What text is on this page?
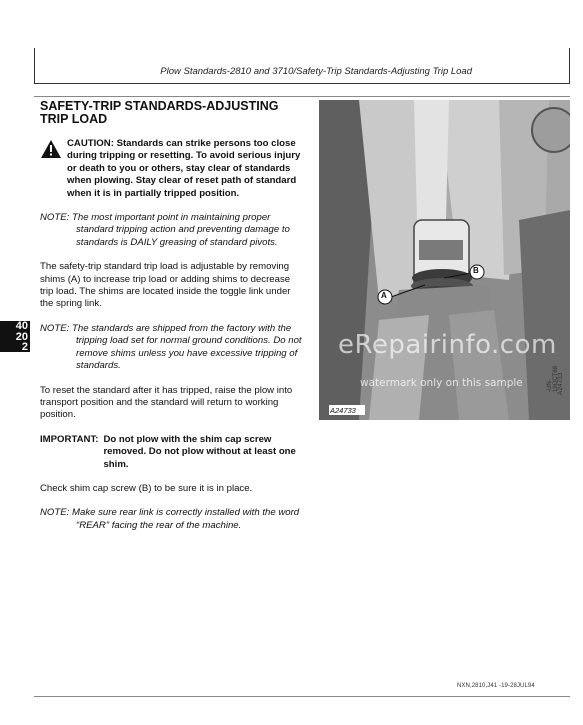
Plow Standards-2810 and 3710/Safety-Trip Standards-Adjusting Trip Load
40
20
2
SAFETY-TRIP STANDARDS-ADJUSTING TRIP LOAD
CAUTION: Standards can strike persons too close during tripping or resetting. To avoid serious injury or death to you or others, stay clear of standards when plowing. Stay clear of reset path of standard when it is in partially tripped position.

NOTE: The most important point in maintaining proper standard tripping action and preventing damage to standards is DAILY greasing of standard pivots.

The safety-trip standard trip load is adjustable by removing shims (A) to increase trip load or adding shims to decrease trip load. The shims are located inside the toggle link under the spring link.

NOTE: The standards are shipped from the factory with the tripping load set for normal ground conditions. Do not remove shims unless you have excessive tripping of standards.

To reset the standard after it has tripped, raise the plow into transport position and the standard will return to working position.

IMPORTANT: Do not plow with the shim cap screw removed. Do not plow without at least one shim.

Check shim cap screw (B) to be sure it is in place.

NOTE: Make sure rear link is correctly installed with the word “REAR” facing the rear of the machine.

A
B
A24733
-UN-19OCT88
A24733
eRepairinfo.com
watermark only on this sample
NXN,2810,J41 -19-28JUL94
